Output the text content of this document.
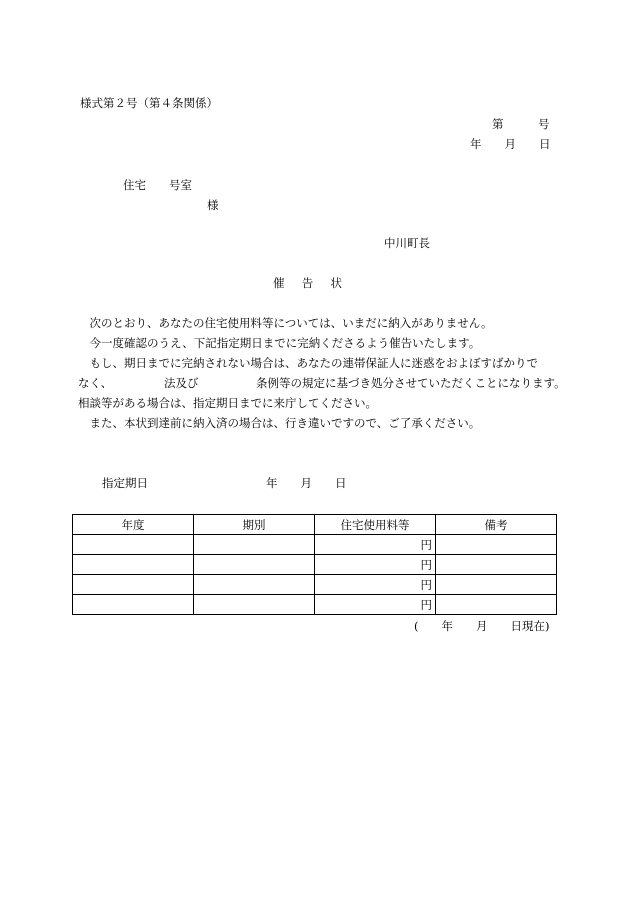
様式第２号（第４条関係）
第　　　号
年　　月　　日
住宅　　号室
様
中川町長
催告状
　次のとおり、あなたの住宅使用料等については、いまだに納入がありません。
　今一度確認のうえ、下記指定期日までに完納くださるよう催告いたします。
　もし、期日までに完納されない場合は、あなたの連帯保証人に迷惑をおよぼすばかりで
なく、　　　　　法及び　　　　　条例等の規定に基づき処分させていただくことになります。
相談等がある場合は、指定期日までに来庁してください。
　また、本状到達前に納入済の場合は、行き違いですので、ご了承ください。
指定期日	年　　月　　日
年度	期別	住宅使用料等	備考
		円	
		円	
		円	
		円	
(　　年　　月　　日現在)
